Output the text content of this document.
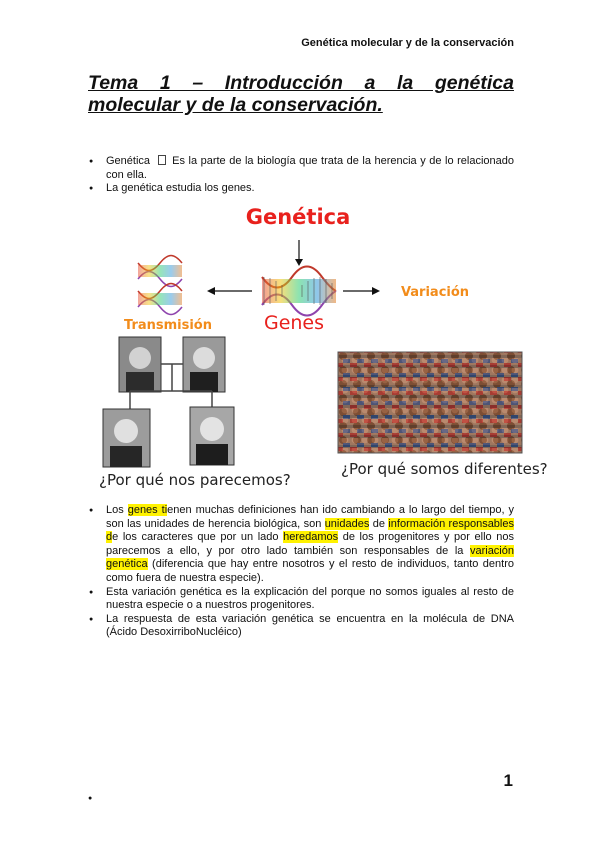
Genética molecular y de la conservación
Tema 1 – Introducción a la genética
molecular y de la conservación.
● Genética Es la parte de la biología que trata de la herencia y de lo relacionado con ella.
● La genética estudia los genes.
Genética
Genes
Variación
Transmisión
¿Por qué nos parecemos?
¿Por qué somos diferentes?
● Los genes tienen muchas definiciones han ido cambiando a lo largo del tiempo, y son las unidades de herencia biológica, son unidades de información responsables de los caracteres que por un lado heredamos de los progenitores y por ello nos parecemos a ello, y por otro lado también son responsables de la variación genética (diferencia que hay entre nosotros y el resto de individuos, tanto dentro como fuera de nuestra especie).
● Esta variación genética es la explicación del porque no somos iguales al resto de nuestra especie o a nuestros progenitores.
● La respuesta de esta variación genética se encuentra en la molécula de DNA (Ácido DesoxirriboNucléico)
1
●
